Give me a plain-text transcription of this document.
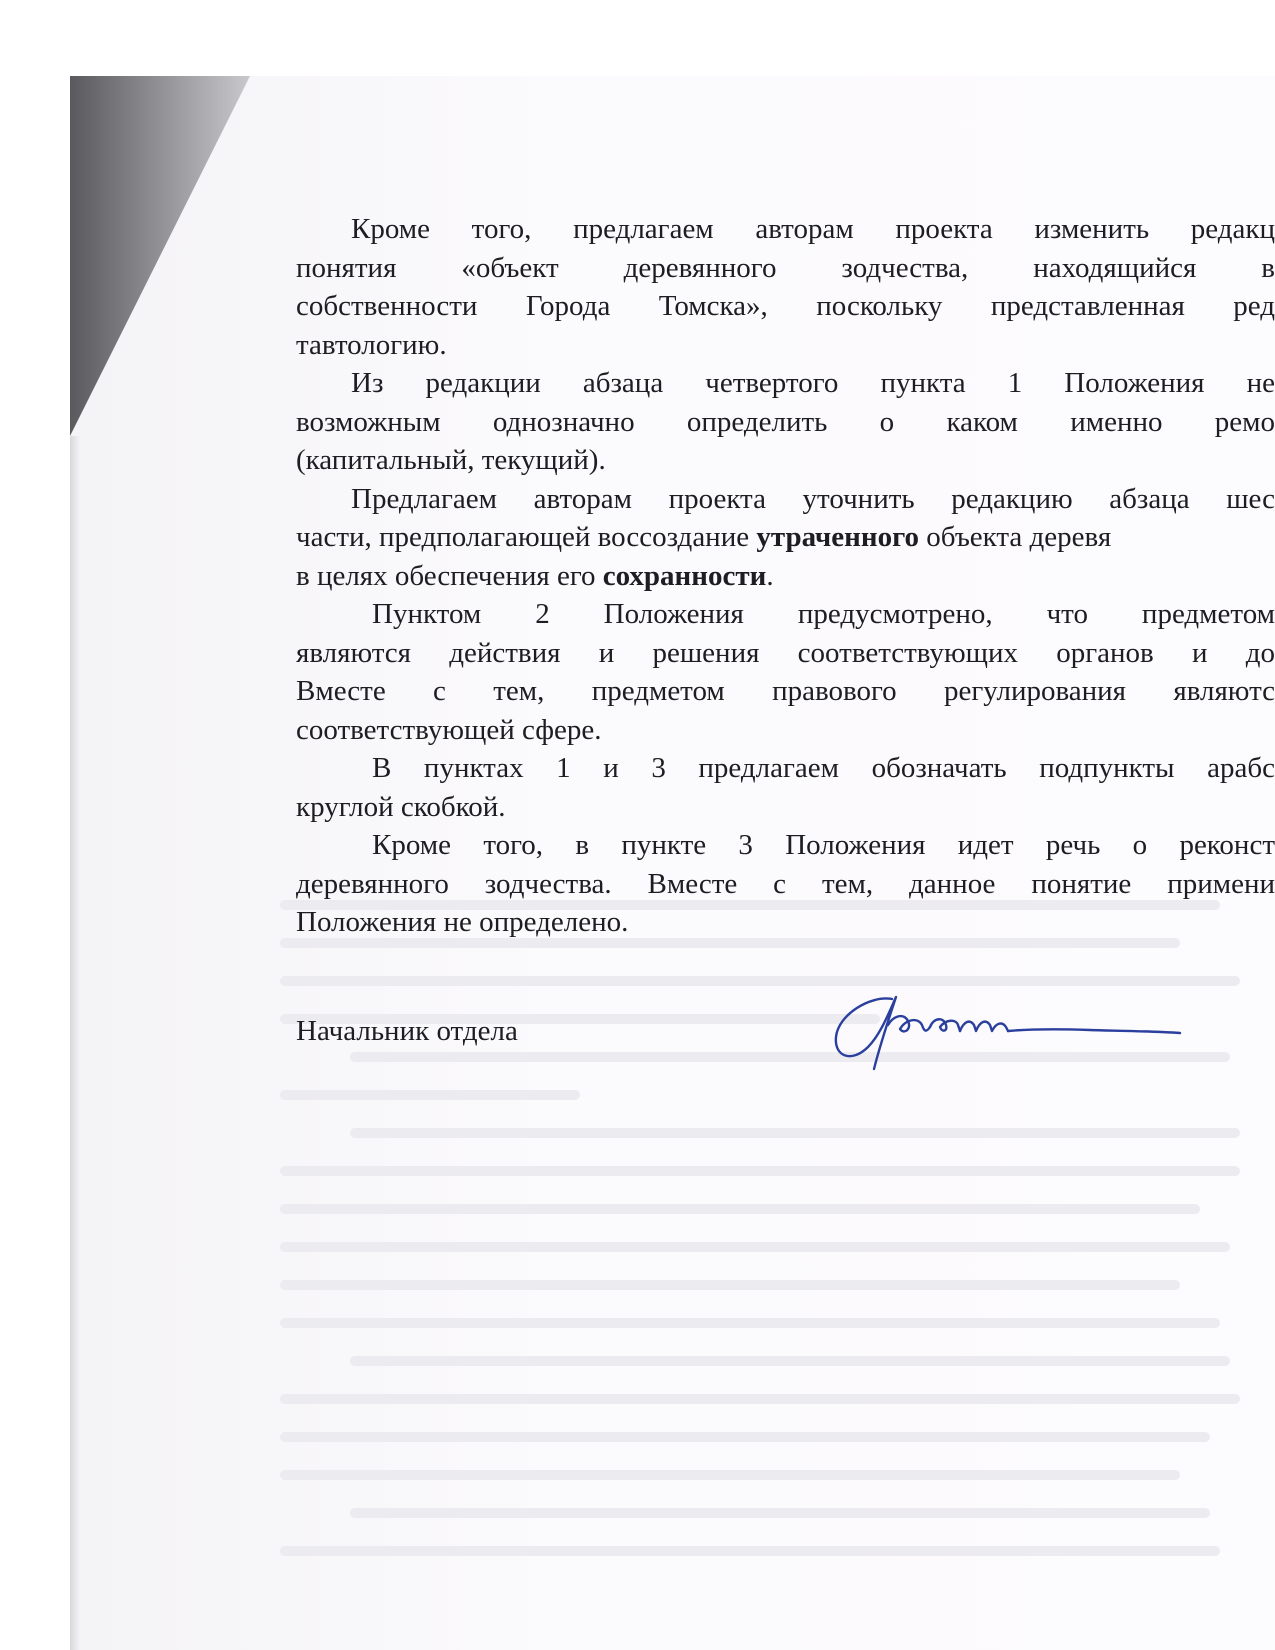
Кроме того, предлагаем авторам проекта изменить редакц
понятия «объект деревянного зодчества, находящийся в
собственности Города Томска», поскольку представленная ред
тавтологию.
Из редакции абзаца четвертого пункта 1 Положения не
возможным однозначно определить о каком именно ремо
(капитальный, текущий).
Предлагаем авторам проекта уточнить редакцию абзаца шес
части, предполагающей воссоздание утраченного объекта деревя
в целях обеспечения его сохранности.
Пунктом 2 Положения предусмотрено, что предметом
являются действия и решения соответствующих органов и до
Вместе с тем, предметом правового регулирования являютс
соответствующей сфере.
В пунктах 1 и 3 предлагаем обозначать подпункты арабс
круглой скобкой.
Кроме того, в пункте 3 Положения идет речь о реконст
деревянного зодчества. Вместе с тем, данное понятие примени
Положения не определено.
Начальник отдела
